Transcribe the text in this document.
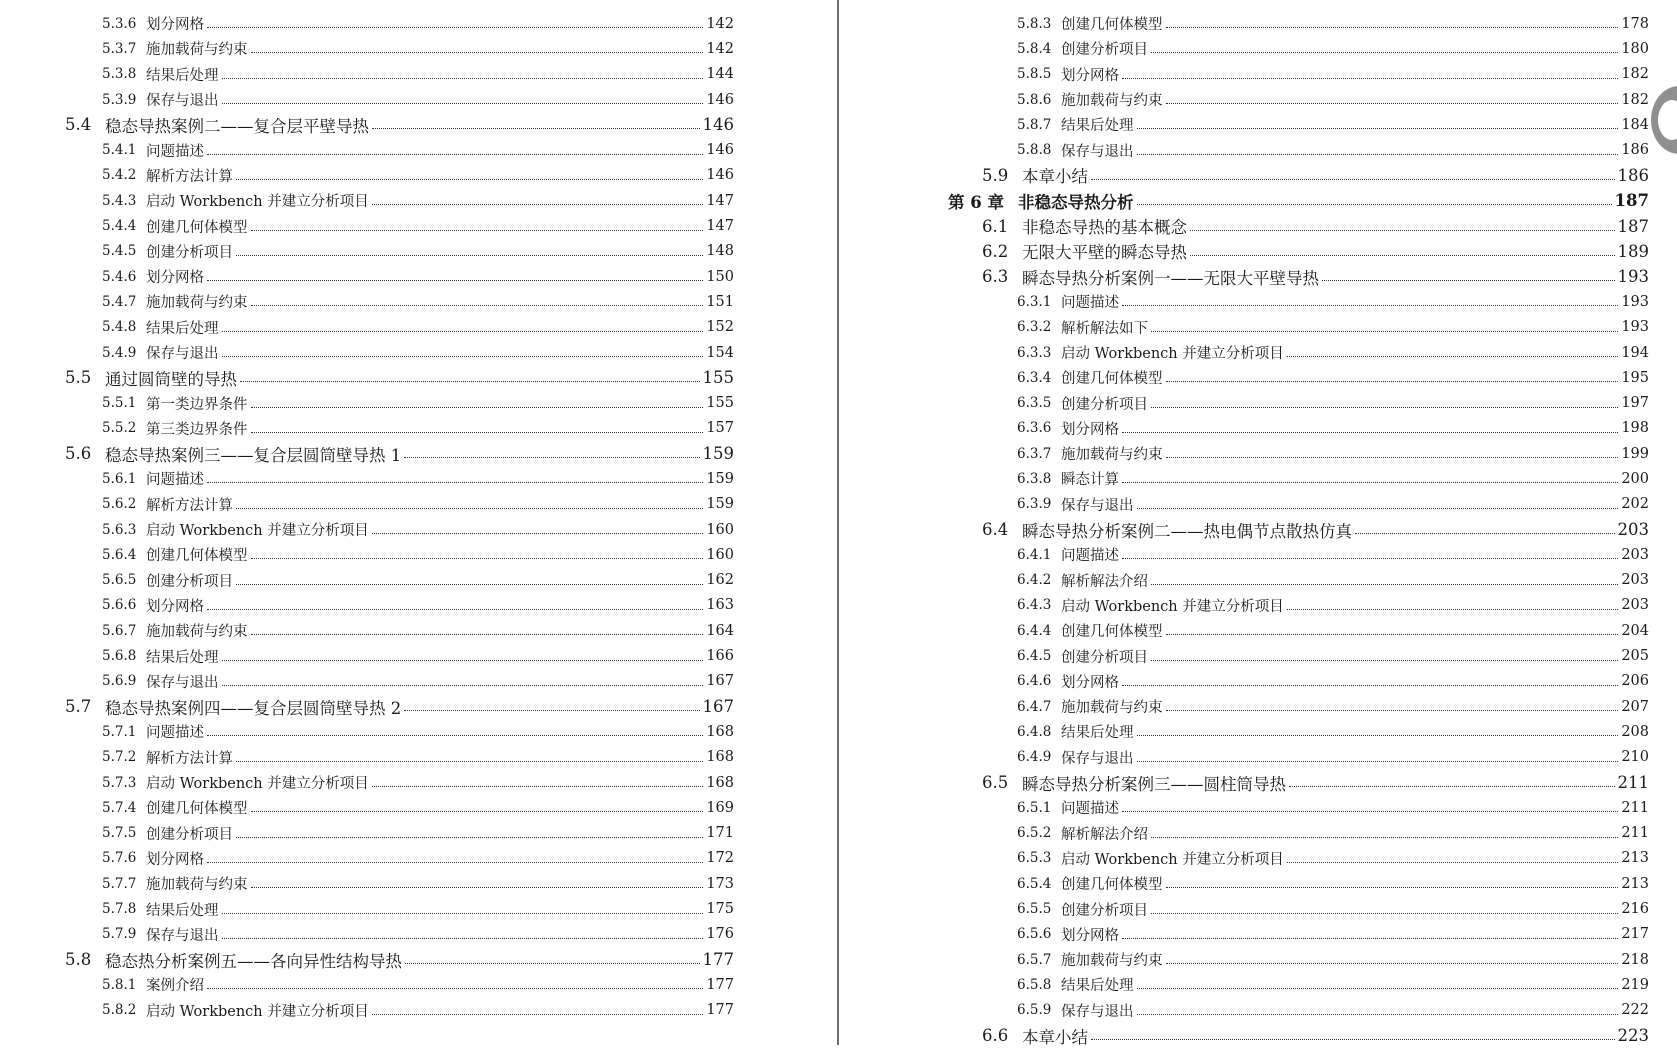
5.3.6 划分网格	142
5.3.7 施加载荷与约束	142
5.3.8 结果后处理	144
5.3.9 保存与退出	146
5.4 稳态导热案例二——复合层平壁导热	146
5.4.1 问题描述	146
5.4.2 解析方法计算	146
5.4.3 启动 Workbench 并建立分析项目	147
5.4.4 创建几何体模型	147
5.4.5 创建分析项目	148
5.4.6 划分网格	150
5.4.7 施加载荷与约束	151
5.4.8 结果后处理	152
5.4.9 保存与退出	154
5.5 通过圆筒壁的导热	155
5.5.1 第一类边界条件	155
5.5.2 第三类边界条件	157
5.6 稳态导热案例三——复合层圆筒壁导热 1	159
5.6.1 问题描述	159
5.6.2 解析方法计算	159
5.6.3 启动 Workbench 并建立分析项目	160
5.6.4 创建几何体模型	160
5.6.5 创建分析项目	162
5.6.6 划分网格	163
5.6.7 施加载荷与约束	164
5.6.8 结果后处理	166
5.6.9 保存与退出	167
5.7 稳态导热案例四——复合层圆筒壁导热 2	167
5.7.1 问题描述	168
5.7.2 解析方法计算	168
5.7.3 启动 Workbench 并建立分析项目	168
5.7.4 创建几何体模型	169
5.7.5 创建分析项目	171
5.7.6 划分网格	172
5.7.7 施加载荷与约束	173
5.7.8 结果后处理	175
5.7.9 保存与退出	176
5.8 稳态热分析案例五——各向异性结构导热	177
5.8.1 案例介绍	177
5.8.2 启动 Workbench 并建立分析项目	177
5.8.3 创建几何体模型	178
5.8.4 创建分析项目	180
5.8.5 划分网格	182
5.8.6 施加载荷与约束	182
5.8.7 结果后处理	184
5.8.8 保存与退出	186
5.9 本章小结	186
第 6 章 非稳态导热分析	187
6.1 非稳态导热的基本概念	187
6.2 无限大平壁的瞬态导热	189
6.3 瞬态导热分析案例一——无限大平壁导热	193
6.3.1 问题描述	193
6.3.2 解析解法如下	193
6.3.3 启动 Workbench 并建立分析项目	194
6.3.4 创建几何体模型	195
6.3.5 创建分析项目	197
6.3.6 划分网格	198
6.3.7 施加载荷与约束	199
6.3.8 瞬态计算	200
6.3.9 保存与退出	202
6.4 瞬态导热分析案例二——热电偶节点散热仿真	203
6.4.1 问题描述	203
6.4.2 解析解法介绍	203
6.4.3 启动 Workbench 并建立分析项目	203
6.4.4 创建几何体模型	204
6.4.5 创建分析项目	205
6.4.6 划分网格	206
6.4.7 施加载荷与约束	207
6.4.8 结果后处理	208
6.4.9 保存与退出	210
6.5 瞬态导热分析案例三——圆柱筒导热	211
6.5.1 问题描述	211
6.5.2 解析解法介绍	211
6.5.3 启动 Workbench 并建立分析项目	213
6.5.4 创建几何体模型	213
6.5.5 创建分析项目	216
6.5.6 划分网格	217
6.5.7 施加载荷与约束	218
6.5.8 结果后处理	219
6.5.9 保存与退出	222
6.6 本章小结	223
